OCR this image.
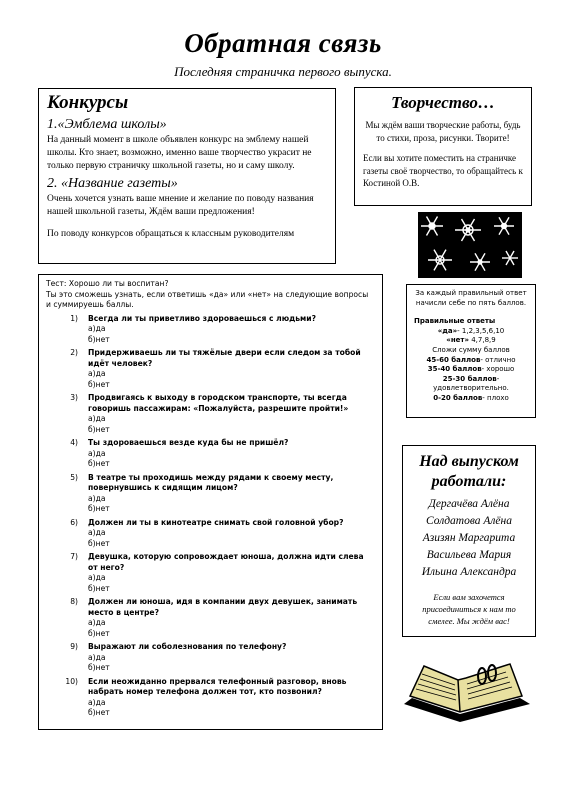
Обратная связь
Последняя страничка первого выпуска.
Конкурсы
1.«Эмблема школы»

На данный момент в школе объявлен конкурс на эмблему нашей школы. Кто знает, возможно, именно ваше творчество украсит не только первую страничку школьной газеты, но и саму школу.

2. «Название газеты»

Очень хочется узнать ваше мнение и желание по поводу названия нашей школьной газеты, Ждём ваши предложения!

По поводу конкурсов обращаться к классным руководителям

Творчество…

Мы ждём ваши творческие работы, будь то стихи, проза, рисунки. Творите!

Если вы хотите поместить на страничке газеты своё творчество, то обращайтесь к Костиной О.В.

Тест: Хорошо ли ты воспитан?
Ты это сможешь узнать, если ответишь «да» или «нет» на следующие вопросы и суммируешь баллы.
1)	Всегда ли ты приветливо здороваешься с людьми?
а)да
б)нет
2)	Придерживаешь ли ты тяжёлые двери если следом за тобой идёт человек?
а)да
б)нет
3)	Продвигаясь к выходу в городском транспорте, ты всегда говоришь пассажирам: «Пожалуйста, разрешите пройти!»
а)да
б)нет
4)	Ты здороваешься везде куда бы не пришёл?
а)да
б)нет
5)	В театре ты проходишь между рядами к своему месту, повернувшись к сидящим лицом?
а)да
б)нет
6)	Должен ли ты в кинотеатре снимать свой головной убор?
а)да
б)нет
7)	Девушка, которую сопровождает юноша, должна идти слева от него?
а)да
б)нет
8)	Должен ли юноша, идя в компании двух девушек, занимать место в центре?
а)да
б)нет
9)	Выражают ли соболезнования по телефону?
а)да
б)нет
10)	Если неожиданно прервался телефонный разговор, вновь набрать номер телефона должен тот, кто позвонил?
а)да
б)нет
За каждый правильный ответ начисли себе по пять баллов.
Правильные ответы
«да»- 1,2,3,5,6,10
«нет» 4,7,8,9
Сложи сумму баллов
45-60 баллов- отлично
35-40 баллов- хорошо
25-30 баллов- удовлетворительно.
0-20 баллов- плохо
Над выпуском работали:
Дергачёва Алёна
Солдатова Алёна
Азизян Маргарита
Васильева Мария
Ильина Александра

Если вам захочется присоединиться к нам то смелее. Мы ждём вас!
